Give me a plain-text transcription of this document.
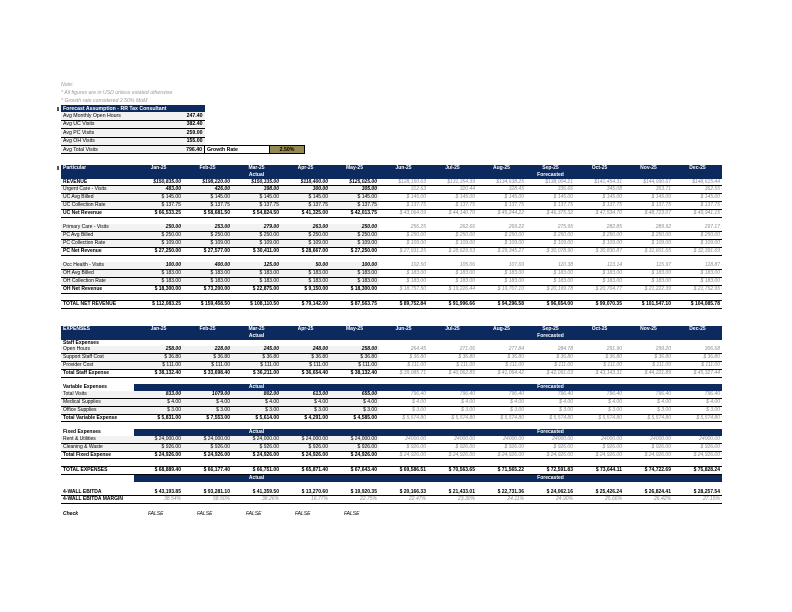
Note:
* All figures are in USD unless estated otherwise
* Growth rate considered 2.50% MoM
Forecast Assumption - RR Tax Consultant			
Avg Monthly Open Hours	247.40		
Avg UC Visits	382.40		
Avg PC Visits	259.00		
Avg OH Visits	155.00		
Avg Total Visits	796.40	Growth Rate	2.50%
Particular	Jan-25	Feb-25	Mar-25	Apr-25	May-25	Jun-25	Jul-25	Aug-25	Sep-25	Oct-25	Nov-25	Dec-25
	Actual					Forecasted						
REVENUE	$150,835.00	$198,220.00	$150,335.00	$118,400.00	$125,025.00	$128,150.63	$131,354.39	$134,638.25	$138,004.21	$141,454.31	$144,990.67	$148,615.44
Urgent Care - Visits	483.00	426.00	398.00	300.00	305.00	312.63	320.44	328.45	336.66	345.08	353.71	362.55
UC Avg Billed	$ 145.00	$ 145.00	$ 145.00	$ 145.00	$ 145.00	$ 145.00	$ 145.00	$ 145.00	$ 145.00	$ 145.00	$ 145.00	$ 145.00
UC Collection Rate	$ 137.75	$ 137.75	$ 137.75	$ 137.75	$ 137.75	$ 137.75	$ 137.75	$ 137.75	$ 137.75	$ 137.75	$ 137.75	$ 137.75
UC Net Revenue	$ 66,533.25	$ 58,681.50	$ 54,824.50	$ 41,325.00	$ 42,013.75	$ 43,064.09	$ 44,140.70	$ 45,244.22	$ 46,375.32	$ 47,534.70	$ 48,723.07	$ 49,941.15

Primary Care - Visits	250.00	253.00	279.00	263.00	250.00	256.25	262.66	269.22	275.95	282.85	289.92	297.17
PC Avg Billed	$ 250.00	$ 250.00	$ 250.00	$ 250.00	$ 250.00	$ 250.00	$ 250.00	$ 250.00	$ 250.00	$ 250.00	$ 250.00	$ 250.00
PC Collection Rate	$ 109.00	$ 109.00	$ 109.00	$ 109.00	$ 109.00	$ 109.00	$ 109.00	$ 109.00	$ 109.00	$ 109.00	$ 109.00	$ 109.00
PC Net Revenue	$ 27,250.00	$ 27,577.00	$ 30,411.00	$ 28,667.00	$ 27,250.00	$ 27,931.25	$ 28,629.53	$ 29,345.27	$ 30,078.90	$ 30,830.87	$ 31,601.65	$ 32,391.69

Occ Health - Visits	100.00	400.00	125.00	50.00	100.00	102.50	105.06	107.69	110.38	113.14	115.97	118.87
OH Avg Billed	$ 183.00	$ 183.00	$ 183.00	$ 183.00	$ 183.00	$ 183.00	$ 183.00	$ 183.00	$ 183.00	$ 183.00	$ 183.00	$ 183.00
OH Collection Rate	$ 183.00	$ 183.00	$ 183.00	$ 183.00	$ 183.00	$ 183.00	$ 183.00	$ 183.00	$ 183.00	$ 183.00	$ 183.00	$ 183.00
OH Net Revenue	$ 18,300.00	$ 73,200.00	$ 22,875.00	$ 9,150.00	$ 18,300.00	$ 18,757.50	$ 19,226.44	$ 19,707.10	$ 20,199.78	$ 20,704.77	$ 21,222.39	$ 21,752.95

TOTAL NET REVENUE	$ 112,083.25	$ 159,458.50	$ 108,110.50	$ 79,142.00	$ 87,563.75	$ 89,752.84	$ 91,996.66	$ 94,296.58	$ 96,654.00	$ 99,070.35	$ 101,547.10	$ 104,085.78
EXPENSES	Jan-25	Feb-25	Mar-25	Apr-25	May-25	Jun-25	Jul-25	Aug-25	Sep-25	Oct-25	Nov-25	Dec-25
	Actual					Forecasted						
Staff Expenses												
Open Hours	258.00	228.00	245.00	248.00	258.00	264.45	271.06	277.84	284.78	291.90	299.20	306.68
Support Staff Cost	$ 36.80	$ 36.80	$ 36.80	$ 36.80	$ 36.80	$ 36.80	$ 36.80	$ 36.80	$ 36.80	$ 36.80	$ 36.80	$ 36.80
Provider Cost	$ 111.00	$ 111.00	$ 111.00	$ 111.00	$ 111.00	$ 111.00	$ 111.00	$ 111.00	$ 111.00	$ 111.00	$ 111.00	$ 111.00
Total Staff Expense	$ 38,132.40	$ 33,698.40	$ 36,211.00	$ 36,654.40	$ 38,132.40	$ 39,085.71	$ 40,062.85	$ 41,064.42	$ 42,091.03	$ 43,143.31	$ 44,221.89	$ 45,327.44

Variable Expenses	Actual					Forecasted						
Total Visits	833.00	1079.00	802.00	613.00	655.00	796.40	796.40	796.40	796.40	796.40	796.40	796.40
Medical Supplies	$ 4.00	$ 4.00	$ 4.00	$ 4.00	$ 4.00	$ 4.00	$ 4.00	$ 4.00	$ 4.00	$ 4.00	$ 4.00	$ 4.00
Office Supplies	$ 3.00	$ 3.00	$ 3.00	$ 3.00	$ 3.00	$ 3.00	$ 3.00	$ 3.00	$ 3.00	$ 3.00	$ 3.00	$ 3.00
Total Variable Expense	$ 5,831.00	$ 7,553.00	$ 5,614.00	$ 4,291.00	$ 4,585.00	$ 5,574.80	$ 5,574.80	$ 5,574.80	$ 5,574.80	$ 5,574.80	$ 5,574.80	$ 5,574.80

Fixed Expenses	Actual					Forecasted						
Rent & Utilities	$ 24,000.00	$ 24,000.00	$ 24,000.00	$ 24,000.00	$ 24,000.00	24000.00	24000.00	24000.00	24000.00	24000.00	24000.00	24000.00
Cleaning & Waste	$ 926.00	$ 926.00	$ 926.00	$ 926.00	$ 926.00	$ 926.00	$ 926.00	$ 926.00	$ 926.00	$ 926.00	$ 926.00	$ 926.00
Total Fixed Expense	$ 24,926.00	$ 24,926.00	$ 24,926.00	$ 24,926.00	$ 24,926.00	$ 24,926.00	$ 24,926.00	$ 24,926.00	$ 24,926.00	$ 24,926.00	$ 24,926.00	$ 24,926.00

TOTAL EXPENSES	$ 68,889.40	$ 66,177.40	$ 66,751.00	$ 65,871.40	$ 67,643.40	$ 69,586.51	$ 70,563.65	$ 71,565.22	$ 72,591.83	$ 73,644.11	$ 74,722.69	$ 75,828.24
	Actual					Forecasted						

4-WALL EBITDA	$ 43,193.85	$ 93,281.10	$ 41,359.50	$ 13,270.60	$ 19,920.35	$ 20,166.33	$ 21,433.01	$ 22,731.36	$ 24,062.16	$ 25,426.24	$ 26,824.41	$ 28,257.54
4-WALL EBITDA MARGIN	38.54%	58.50%	38.26%	16.77%	22.75%	22.47%	23.30%	24.11%	24.90%	25.66%	26.42%	27.15%

Check	FALSE	FALSE	FALSE	FALSE	FALSE							
